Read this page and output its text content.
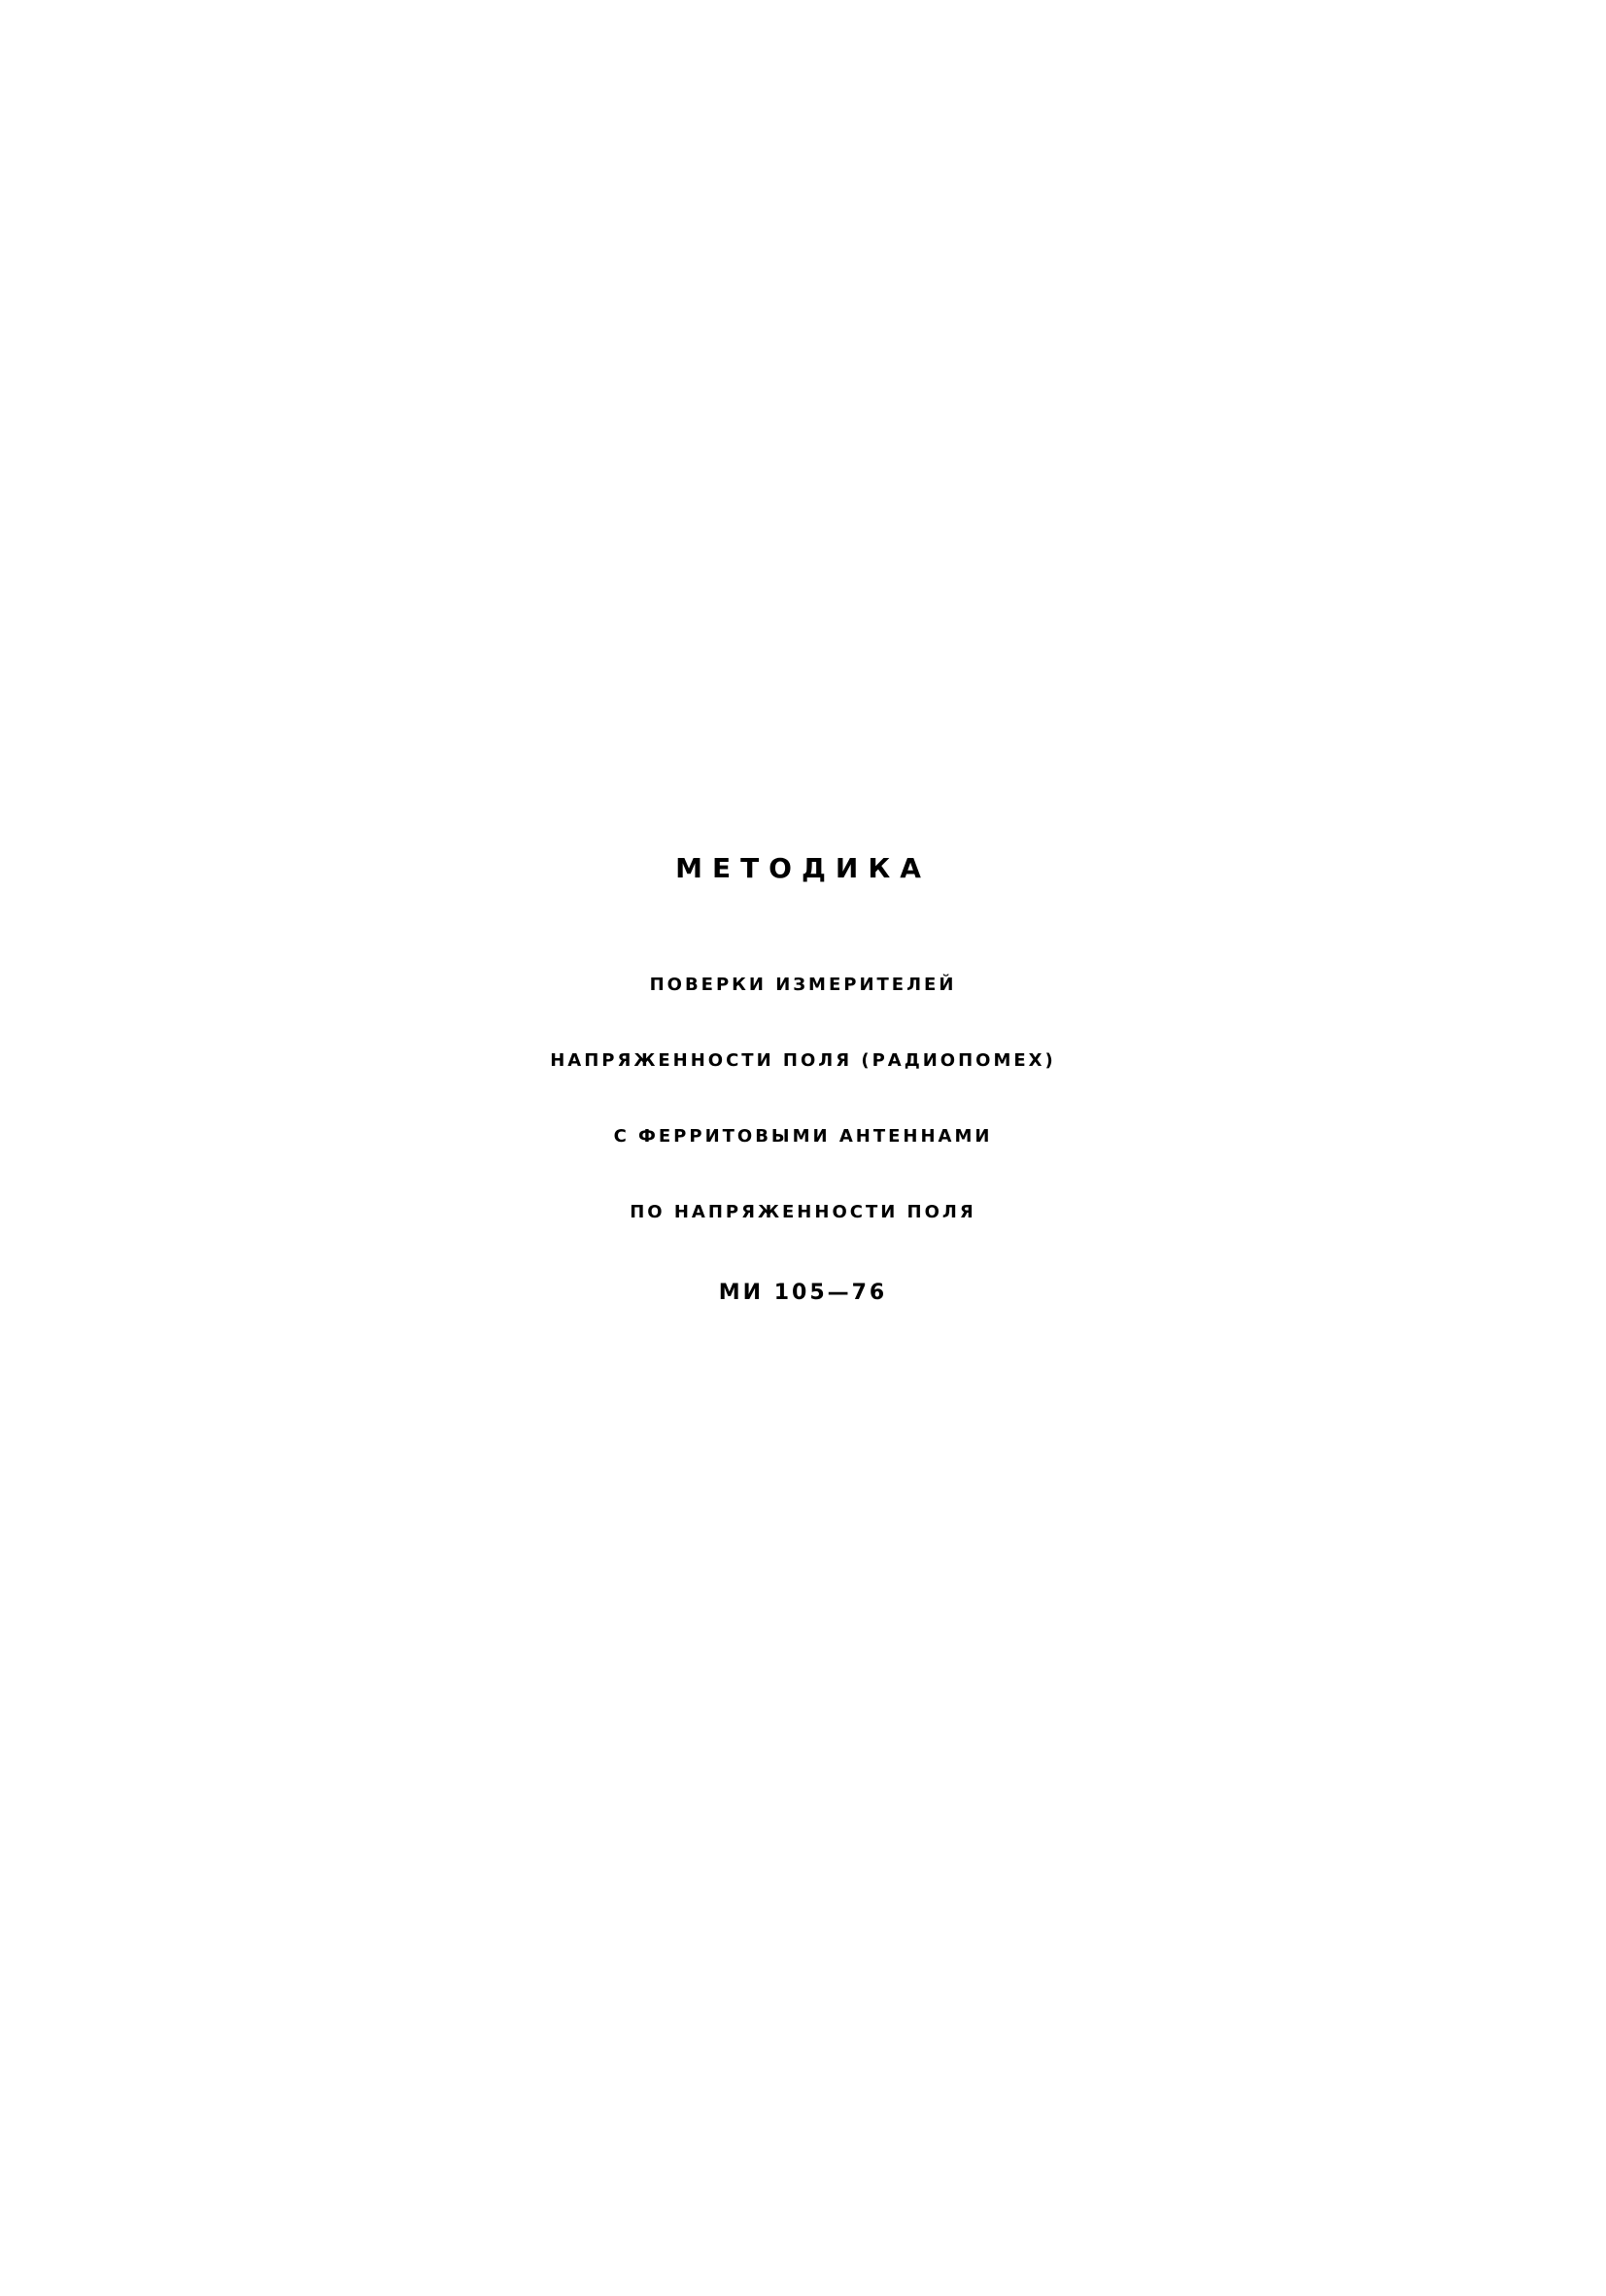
МЕТОДИКА
ПОВЕРКИ ИЗМЕРИТЕЛЕЙ
НАПРЯЖЕННОСТИ ПОЛЯ (РАДИОПОМЕХ)
С ФЕРРИТОВЫМИ АНТЕННАМИ
ПО НАПРЯЖЕННОСТИ ПОЛЯ
МИ 105—76
